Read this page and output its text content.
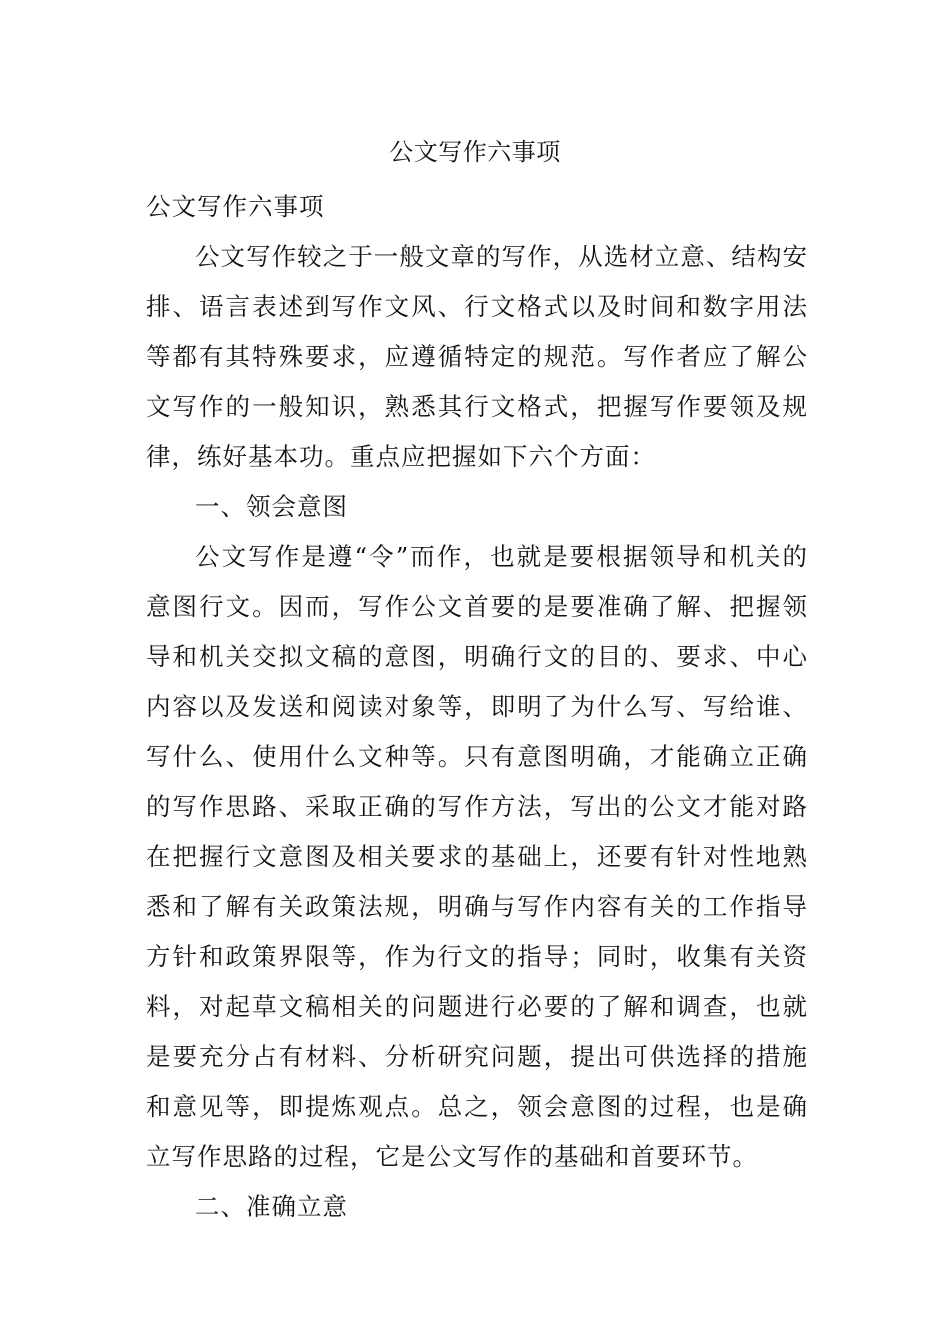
公文写作六事项

公文写作六事项

公文写作较之于一般文章的写作，从选材立意、结构安排、语言表述到写作文风、行文格式以及时间和数字用法等都有其特殊要求，应遵循特定的规范。写作者应了解公文写作的一般知识，熟悉其行文格式，把握写作要领及规律，练好基本功。重点应把握如下六个方面：

一、领会意图

公文写作是遵“令”而作，也就是要根据领导和机关的意图行文。因而，写作公文首要的是要准确了解、把握领导和机关交拟文稿的意图，明确行文的目的、要求、中心内容以及发送和阅读对象等，即明了为什么写、写给谁、写什么、使用什么文种等。只有意图明确，才能确立正确的写作思路、采取正确的写作方法，写出的公文才能对路在把握行文意图及相关要求的基础上，还要有针对性地熟悉和了解有关政策法规，明确与写作内容有关的工作指导方针和政策界限等，作为行文的指导；同时，收集有关资料，对起草文稿相关的问题进行必要的了解和调查，也就是要充分占有材料、分析研究问题，提出可供选择的措施和意见等，即提炼观点。总之，领会意图的过程，也是确立写作思路的过程，它是公文写作的基础和首要环节。

二、准确立意
